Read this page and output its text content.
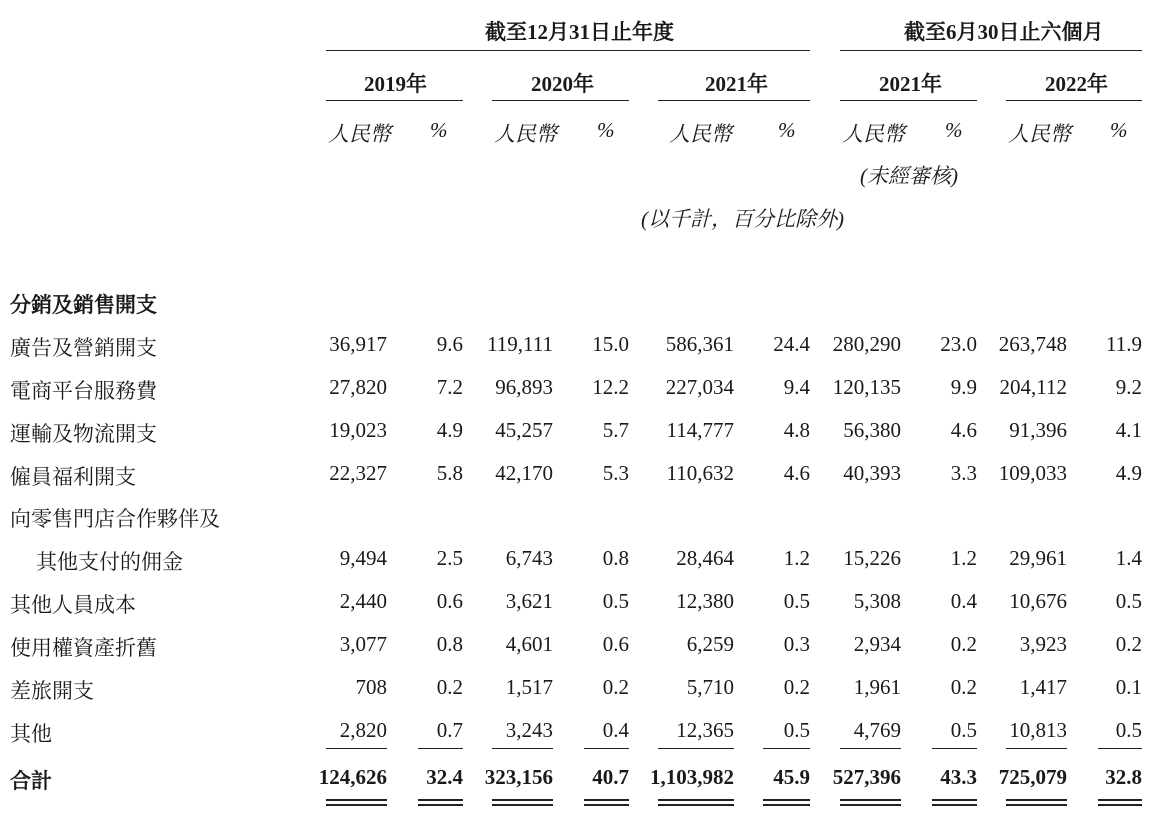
截至12月31日止年度	截至6月30日止六個月
2019年	2020年	2021年	2021年	2022年
人民幣 % 人民幣 %	人民幣 % 人民幣 % 人民幣 %
(未經審核)
(以千計，百分比除外)
分銷及銷售開支
廣告及營銷開支	36,917 9.6 119,111 15.0 586,361 24.4 280,290 23.0 263,748 11.9
電商平台服務費	27,820 7.2 96,893 12.2 227,034 9.4 120,135 9.9 204,112 9.2
運輸及物流開支	19,023 4.9 45,257 5.7 114,777 4.8 56,380 4.6 91,396 4.1
僱員福利開支	22,327 5.8 42,170 5.3 110,632 4.6 40,393 3.3 109,033 4.9
向零售門店合作夥伴及
其他支付的佣金	9,494 2.5 6,743 0.8 28,464 1.2 15,226 1.2 29,961 1.4
其他人員成本	2,440 0.6 3,621 0.5 12,380 0.5 5,308 0.4 10,676 0.5
使用權資產折舊	3,077 0.8 4,601 0.6	6,259 0.3 2,934 0.2 3,923 0.2
差旅開支	708 0.2 1,517 0.2	5,710 0.2 1,961 0.2 1,417 0.1
其他	2,820 0.7 3,243 0.4 12,365 0.5 4,769 0.5 10,813 0.5
合計	124,626 32.4 323,156 40.7 1,103,982 45.9 527,396 43.3 725,079 32.8
